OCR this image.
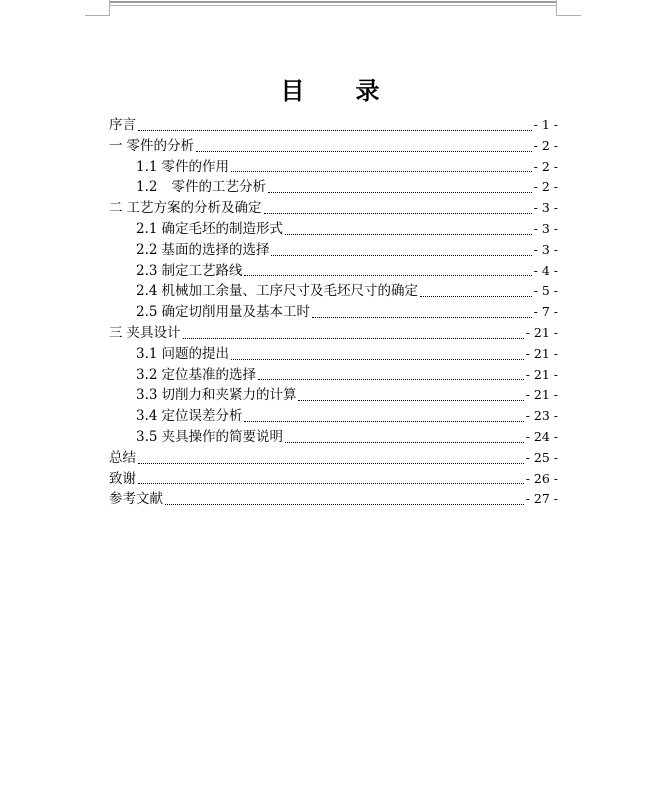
目　　录
序言	- 1 -
一 零件的分析	- 2 -
1.1 零件的作用	- 2 -
1.2 零件的工艺分析	- 2 -
二 工艺方案的分析及确定	- 3 -
2.1 确定毛坯的制造形式	- 3 -
2.2 基面的选择的选择	- 3 -
2.3 制定工艺路线	- 4 -
2.4 机械加工余量、工序尺寸及毛坯尺寸的确定	- 5 -
2.5 确定切削用量及基本工时	- 7 -
三 夹具设计	- 21 -
3.1 问题的提出	- 21 -
3.2 定位基准的选择	- 21 -
3.3 切削力和夹紧力的计算	- 21 -
3.4 定位误差分析	- 23 -
3.5 夹具操作的简要说明	- 24 -
总结	- 25 -
致谢	- 26 -
参考文献	- 27 -
